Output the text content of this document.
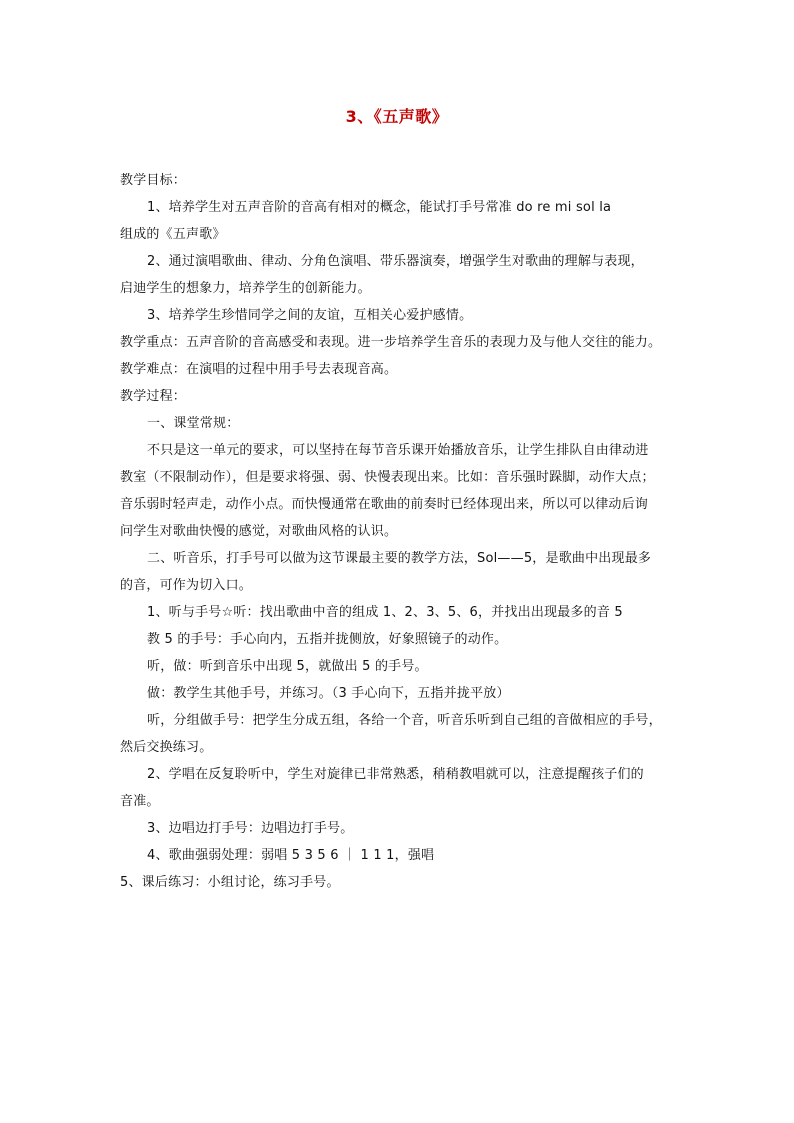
3、《五声歌》
教学目标：
1、培养学生对五声音阶的音高有相对的概念，能试打手号常准 do re mi sol la
组成的《五声歌》
2、通过演唱歌曲、律动、分角色演唱、带乐器演奏，增强学生对歌曲的理解与表现，
启迪学生的想象力，培养学生的创新能力。
3、培养学生珍惜同学之间的友谊，互相关心爱护感情。
教学重点：五声音阶的音高感受和表现。进一步培养学生音乐的表现力及与他人交往的能力。
教学难点：在演唱的过程中用手号去表现音高。
教学过程：
一、课堂常规：
不只是这一单元的要求，可以坚持在每节音乐课开始播放音乐，让学生排队自由律动进
教室（不限制动作），但是要求将强、弱、快慢表现出来。比如：音乐强时跺脚，动作大点；
音乐弱时轻声走，动作小点。而快慢通常在歌曲的前奏时已经体现出来，所以可以律动后询
问学生对歌曲快慢的感觉，对歌曲风格的认识。
二、听音乐，打手号可以做为这节课最主要的教学方法，Sol——5，是歌曲中出现最多
的音，可作为切入口。
1、听与手号☆听：找出歌曲中音的组成 1、2、3、5、6，并找出出现最多的音 5
教 5 的手号：手心向内，五指并拢侧放，好象照镜子的动作。
听，做：听到音乐中出现 5，就做出 5 的手号。
做：教学生其他手号，并练习。（3 手心向下，五指并拢平放）
听，分组做手号：把学生分成五组，各给一个音，听音乐听到自己组的音做相应的手号，
然后交换练习。
2、学唱在反复聆听中，学生对旋律已非常熟悉，稍稍教唱就可以，注意提醒孩子们的
音准。
3、边唱边打手号：边唱边打手号。
4、歌曲强弱处理：弱唱 5 3 5 6 ｜ 1 1 1，强唱
5、课后练习：小组讨论，练习手号。
